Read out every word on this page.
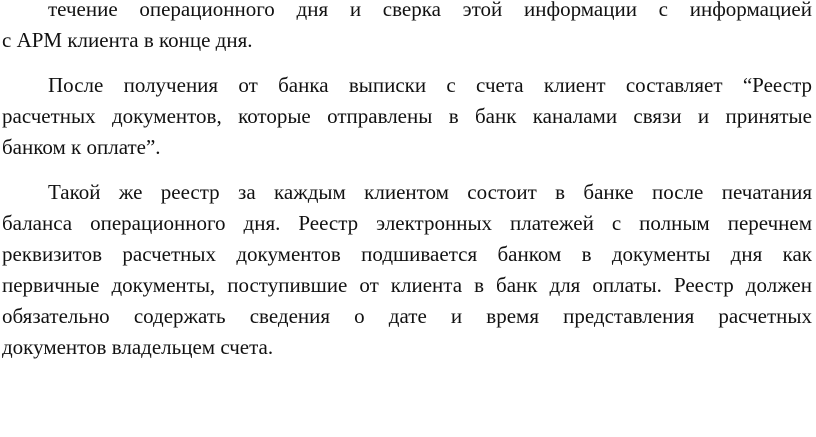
течение операционного дня и сверка этой информации с информацией
с АРМ клиента в конце дня.

После получения от банка выписки с счета клиент составляет “Реестр
расчетных документов, которые отправлены в банк каналами связи и принятые
банком к оплате”.

Такой же реестр за каждым клиентом состоит в банке после печатания
баланса операционного дня. Реестр электронных платежей с полным перечнем
реквизитов расчетных документов подшивается банком в документы дня как
первичные документы, поступившие от клиента в банк для оплаты. Реестр должен
обязательно содержать сведения о дате и время представления расчетных
документов владельцем счета.
